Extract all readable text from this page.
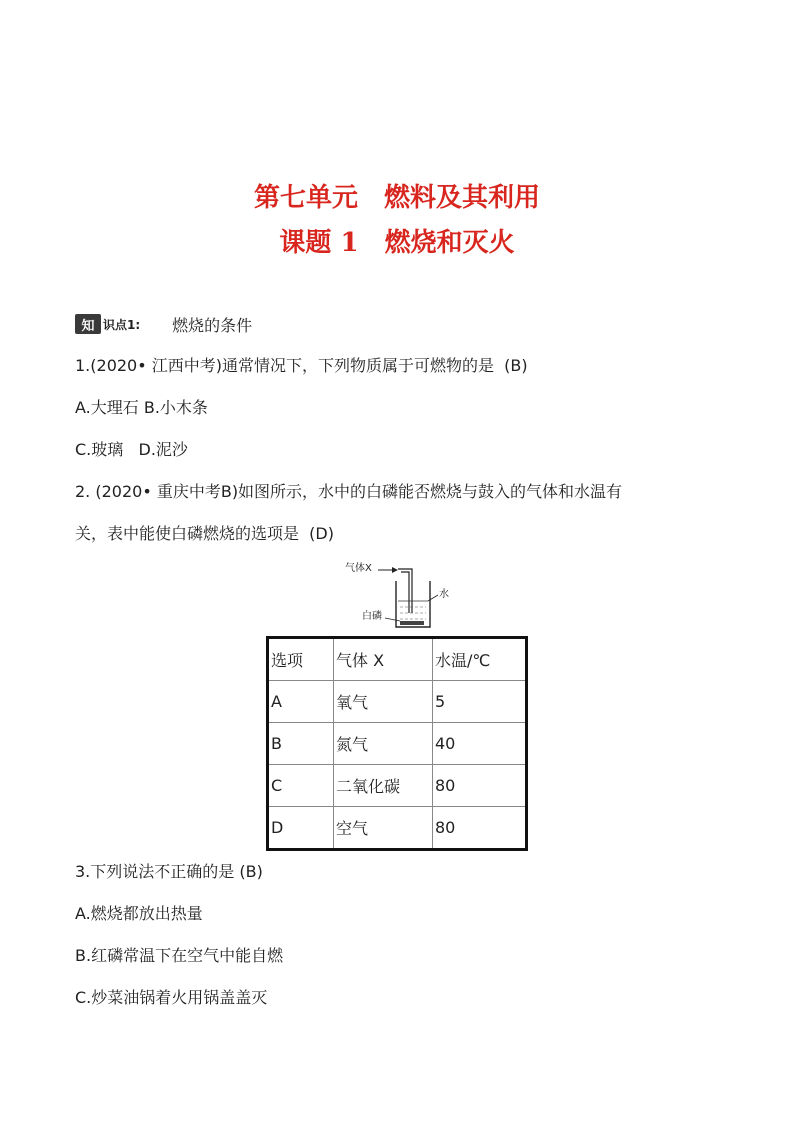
第七单元　燃料及其利用
课题 1　燃烧和灭火
知 识点1: 燃烧的条件
1.(2020• 江西中考)通常情况下，下列物质属于可燃物的是  (B)
A.大理石 B.小木条
C.玻璃   D.泥沙
2. (2020• 重庆中考B)如图所示，水中的白磷能否燃烧与鼓入的气体和水温有
关，表中能使白磷燃烧的选项是  (D)
气体X
水
白磷
选项	气体 X	水温/℃
A	氧气	5
B	氮气	40
C	二氧化碳	80
D	空气	80
3.下列说法不正确的是 (B)
A.燃烧都放出热量
B.红磷常温下在空气中能自燃
C.炒菜油锅着火用锅盖盖灭
